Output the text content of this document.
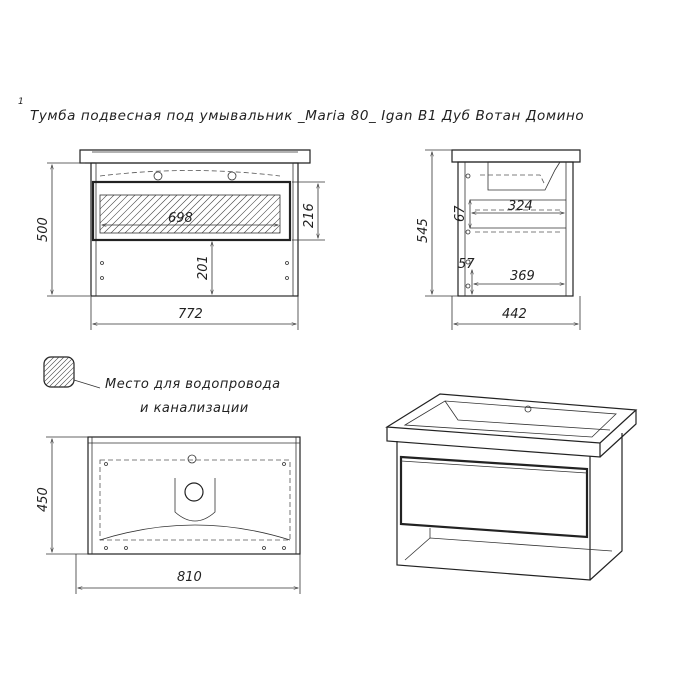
1
Тумба подвесная под умывальник _Maria 80_ Igan B1 Дуб Вотан Домино
500
216
698
201
772
545
67	324
57
369
442
Место для водопровода
и канализации
450
810
